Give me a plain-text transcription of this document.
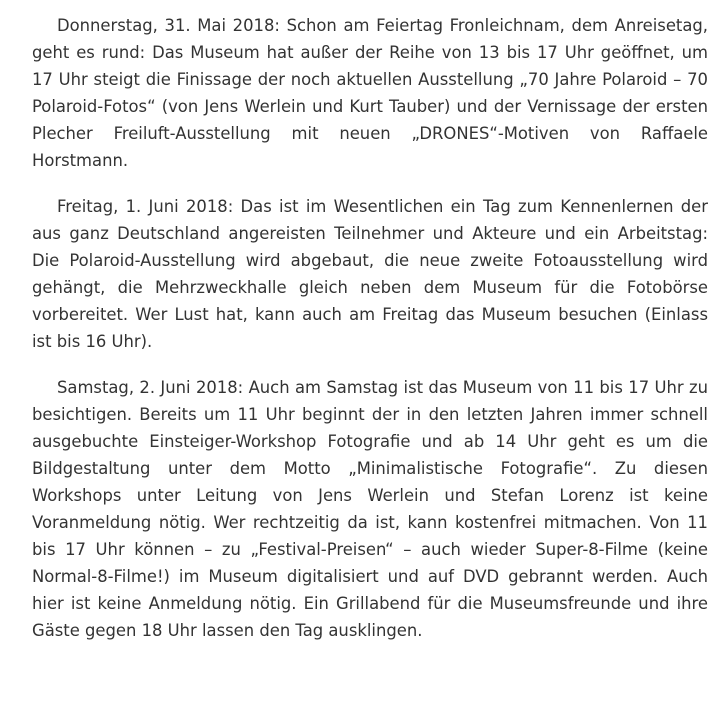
Donnerstag, 31. Mai 2018: Schon am Feiertag Fronleichnam, dem Anreisetag, geht es rund: Das Museum hat außer der Reihe von 13 bis 17 Uhr geöffnet, um 17 Uhr steigt die Finissage der noch aktuellen Ausstellung „70 Jahre Polaroid – 70 Polaroid-Fotos“ (von Jens Werlein und Kurt Tauber) und der Vernissage der ersten Plecher Freiluft-Ausstellung mit neuen „DRONES“-Motiven von Raffaele Horstmann.

Freitag, 1. Juni 2018: Das ist im Wesentlichen ein Tag zum Kennenlernen der aus ganz Deutschland angereisten Teilnehmer und Akteure und ein Arbeitstag: Die Polaroid-Ausstellung wird abgebaut, die neue zweite Fotoausstellung wird gehängt, die Mehrzweckhalle gleich neben dem Museum für die Fotobörse vorbereitet. Wer Lust hat, kann auch am Freitag das Museum besuchen (Einlass ist bis 16 Uhr).

Samstag, 2. Juni 2018: Auch am Samstag ist das Museum von 11 bis 17 Uhr zu besichtigen. Bereits um 11 Uhr beginnt der in den letzten Jahren immer schnell ausgebuchte Einsteiger-Workshop Fotografie und ab 14 Uhr geht es um die Bildgestaltung unter dem Motto „Minimalistische Fotografie“. Zu diesen Workshops unter Leitung von Jens Werlein und Stefan Lorenz ist keine Voranmeldung nötig. Wer rechtzeitig da ist, kann kostenfrei mitmachen. Von 11 bis 17 Uhr können – zu „Festival-Preisen“ – auch wieder Super-8-Filme (keine Normal-8-Filme!) im Museum digitalisiert und auf DVD gebrannt werden. Auch hier ist keine Anmeldung nötig. Ein Grillabend für die Museumsfreunde und ihre Gäste gegen 18 Uhr lassen den Tag ausklingen.
